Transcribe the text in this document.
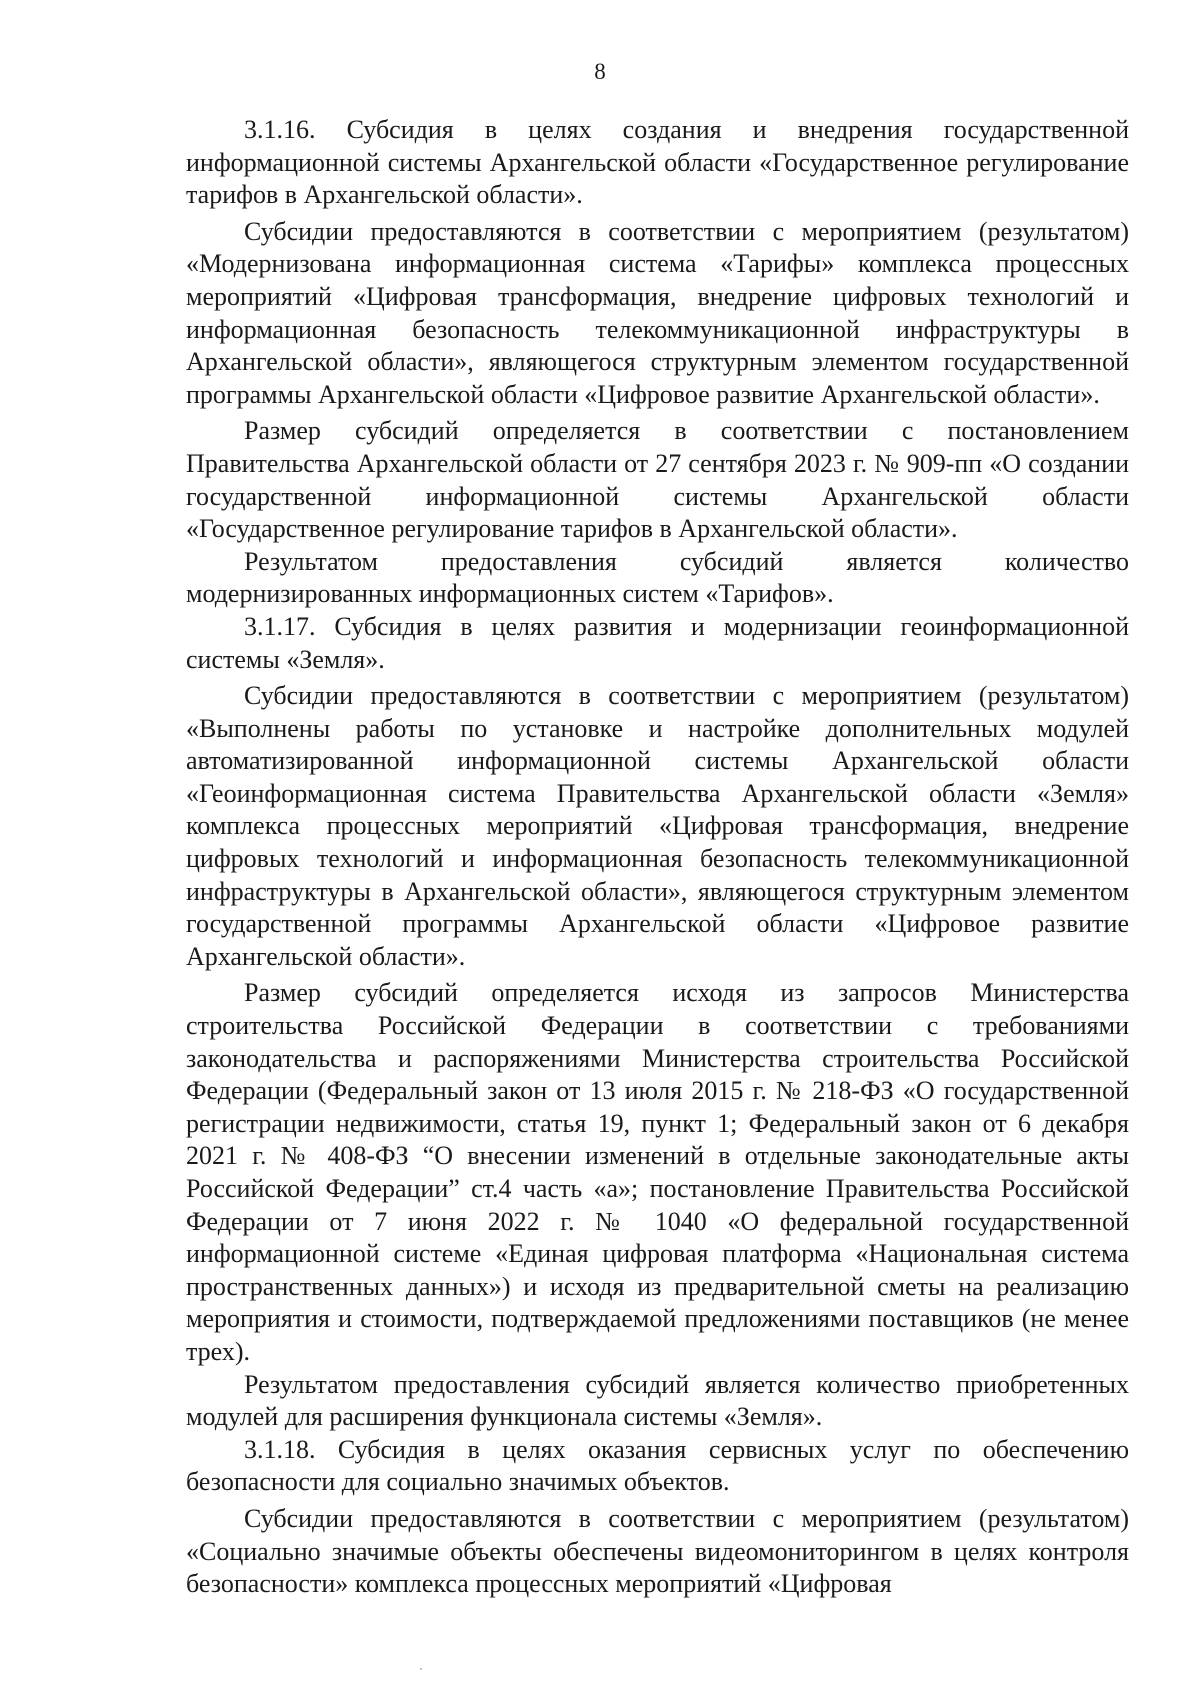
8

3.1.16. Субсидия в целях создания и внедрения государственной информационной системы Архангельской области «Государственное регулирование тарифов в Архангельской области».

Субсидии предоставляются в соответствии с мероприятием (результатом) «Модернизована информационная система «Тарифы» комплекса процессных мероприятий «Цифровая трансформация, внедрение цифровых технологий и информационная безопасность телекоммуникационной инфраструктуры в Архангельской области», являющегося структурным элементом государственной программы Архангельской области «Цифровое развитие Архангельской области».

Размер субсидий определяется в соответствии с постановлением Правительства Архангельской области от 27 сентября 2023 г. № 909-пп «О создании государственной информационной системы Архангельской области «Государственное регулирование тарифов в Архангельской области».

Результатом предоставления субсидий является количество модернизированных информационных систем «Тарифов».

3.1.17. Субсидия в целях развития и модернизации геоинформационной системы «Земля».

Субсидии предоставляются в соответствии с мероприятием (результатом) «Выполнены работы по установке и настройке дополнительных модулей автоматизированной информационной системы Архангельской области «Геоинформационная система Правительства Архангельской области «Земля» комплекса процессных мероприятий «Цифровая трансформация, внедрение цифровых технологий и информационная безопасность телекоммуникационной инфраструктуры в Архангельской области», являющегося структурным элементом государственной программы Архангельской области «Цифровое развитие Архангельской области».

Размер субсидий определяется исходя из запросов Министерства строительства Российской Федерации в соответствии с требованиями законодательства и распоряжениями Министерства строительства Российской Федерации (Федеральный закон от 13 июля 2015 г. № 218-ФЗ «О государственной регистрации недвижимости, статья 19, пункт 1; Федеральный закон от 6 декабря 2021 г. № 408-ФЗ “О внесении изменений в отдельные законодательные акты Российской Федерации” ст.4 часть «а»; постановление Правительства Российской Федерации от 7 июня 2022 г. № 1040 «О федеральной государственной информационной системе «Единая цифровая платформа «Национальная система пространственных данных») и исходя из предварительной сметы на реализацию мероприятия и стоимости, подтверждаемой предложениями поставщиков (не менее трех).

Результатом предоставления субсидий является количество приобретенных модулей для расширения функционала системы «Земля».

3.1.18. Субсидия в целях оказания сервисных услуг по обеспечению безопасности для социально значимых объектов.

Субсидии предоставляются в соответствии с мероприятием (результатом) «Социально значимые объекты обеспечены видеомониторингом в целях контроля безопасности» комплекса процессных мероприятий «Цифровая
